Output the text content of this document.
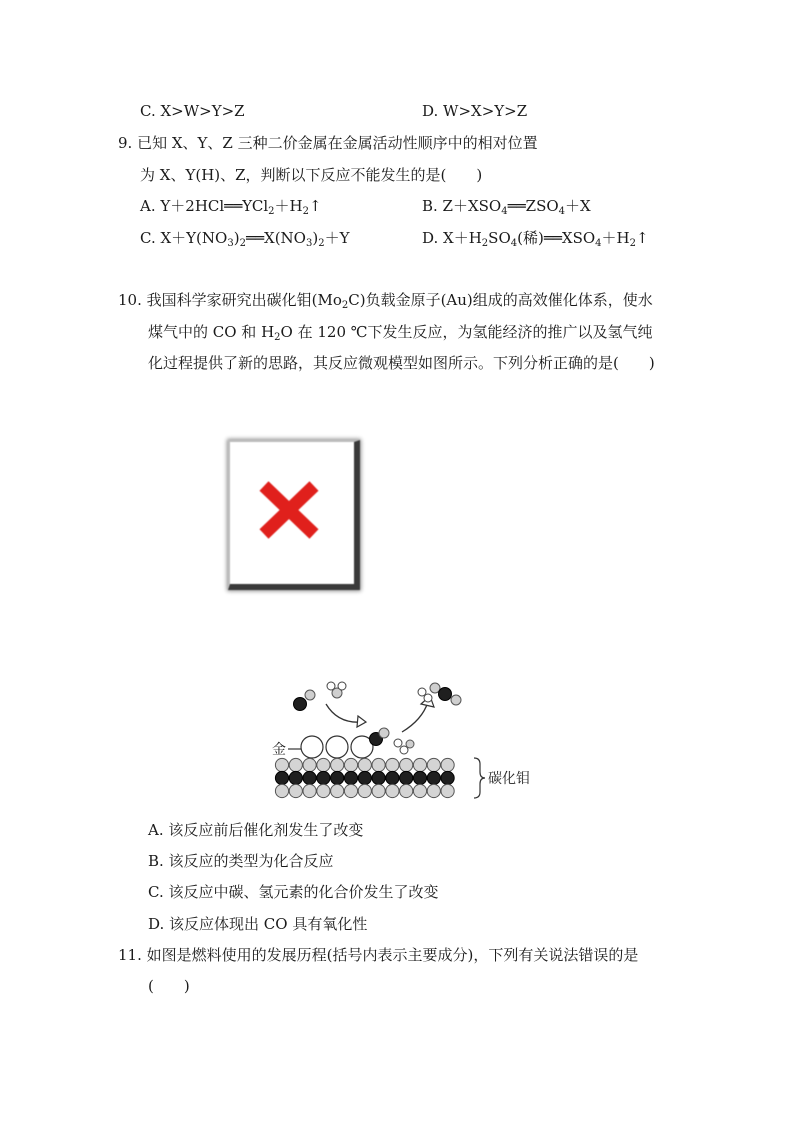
C. X>W>Y>Z	D. W>X>Y>Z
9. 已知 X、Y、Z 三种二价金属在金属活动性顺序中的相对位置
为 X、Y(H)、Z，判断以下反应不能发生的是(　　)
A. $Y+2HCl══YCl_2+H_2↑$	B. $Z+XSO_4══ZSO_4+X$
C. $X+Y(NO_3)_2══X(NO_3)_2+Y$	D. $X+H_2SO_4$(稀)$══XSO_4+H_2↑$
10. 我国科学家研究出碳化钼$(Mo_2C)$负载金原子(Au)组成的高效催化体系，使水
煤气中的 CO 和 $H_2O$ 在 120 ℃下发生反应，为氢能经济的推广以及氢气纯
化过程提供了新的思路，其反应微观模型如图所示。下列分析正确的是(　　)
金
碳化钼
A. 该反应前后催化剂发生了改变
B. 该反应的类型为化合反应
C. 该反应中碳、氢元素的化合价发生了改变
D. 该反应体现出 CO 具有氧化性
11. 如图是燃料使用的发展历程(括号内表示主要成分)，下列有关说法错误的是
(　　)
